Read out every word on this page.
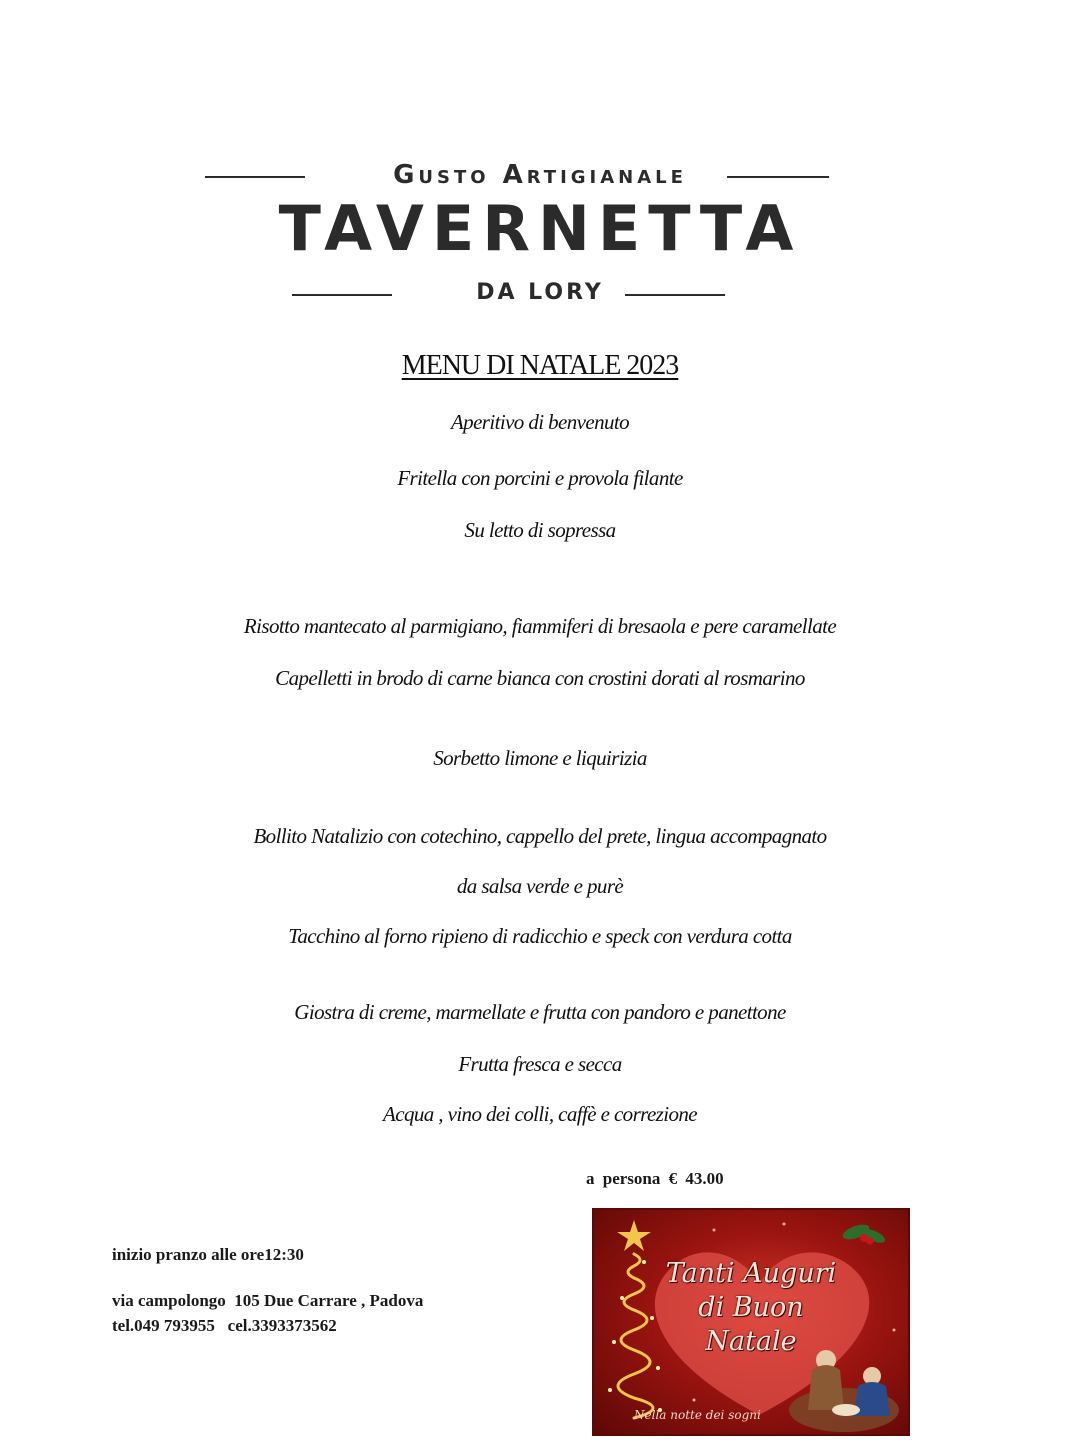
Gusto Artigianale
TAVERNETTA
DA LORY
MENU DI NATALE 2023
Aperitivo di benvenuto
Fritella con porcini e provola filante
Su letto di sopressa
Risotto mantecato al parmigiano, fiammiferi di bresaola e pere caramellate
Capelletti in brodo di carne bianca con crostini dorati al rosmarino
Sorbetto limone e liquirizia
Bollito Natalizio con cotechino, cappello del prete, lingua accompagnato
da salsa verde e purè
Tacchino al forno ripieno di radicchio e speck con verdura cotta
Giostra di creme, marmellate e frutta con pandoro e panettone
Frutta fresca e secca
Acqua , vino dei colli, caffè e correzione
a persona € 43.00
inizio pranzo alle ore12:30
via campolongo  105 Due Carrare , Padova
tel.049 793955   cel.3393373562
Tanti Auguri
di Buon
Natale
Nella notte dei sogni
